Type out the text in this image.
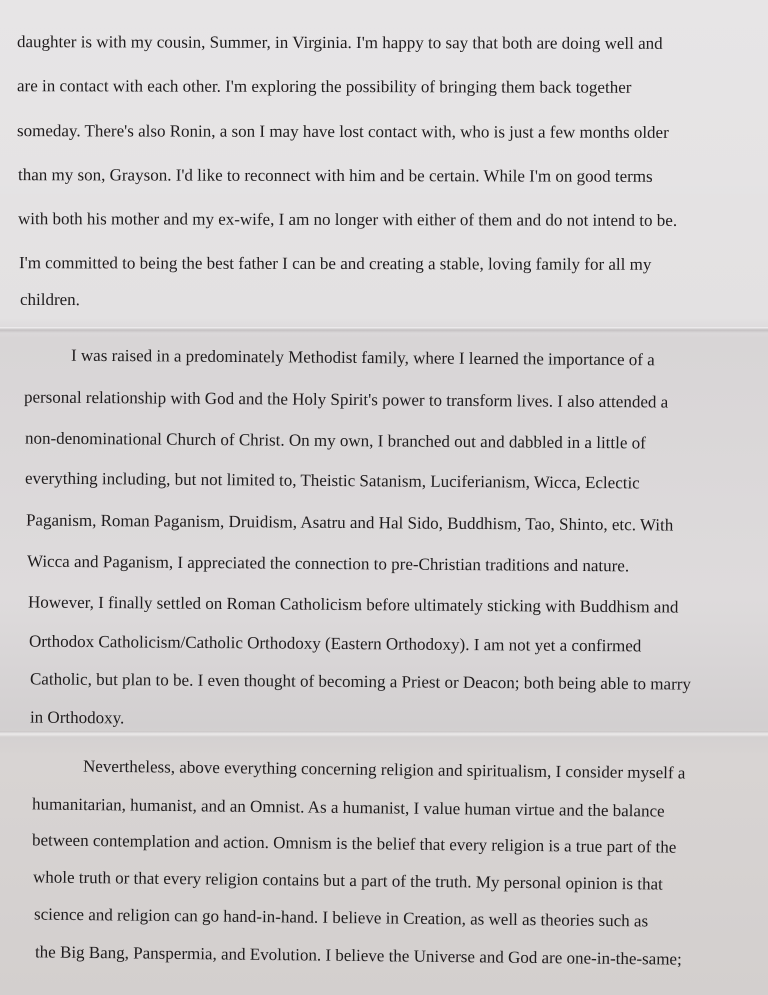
daughter is with my cousin, Summer, in Virginia. I'm happy to say that both are doing well and
are in contact with each other. I'm exploring the possibility of bringing them back together
someday. There's also Ronin, a son I may have lost contact with, who is just a few months older
than my son, Grayson. I'd like to reconnect with him and be certain. While I'm on good terms
with both his mother and my ex-wife, I am no longer with either of them and do not intend to be.
I'm committed to being the best father I can be and creating a stable, loving family for all my
children.
I was raised in a predominately Methodist family, where I learned the importance of a
personal relationship with God and the Holy Spirit's power to transform lives. I also attended a
non-denominational Church of Christ. On my own, I branched out and dabbled in a little of
everything including, but not limited to, Theistic Satanism, Luciferianism, Wicca, Eclectic
Paganism, Roman Paganism, Druidism, Asatru and Hal Sido, Buddhism, Tao, Shinto, etc. With
Wicca and Paganism, I appreciated the connection to pre-Christian traditions and nature.
However, I finally settled on Roman Catholicism before ultimately sticking with Buddhism and
Orthodox Catholicism/Catholic Orthodoxy (Eastern Orthodoxy). I am not yet a confirmed
Catholic, but plan to be. I even thought of becoming a Priest or Deacon; both being able to marry
in Orthodoxy.
Nevertheless, above everything concerning religion and spiritualism, I consider myself a
humanitarian, humanist, and an Omnist. As a humanist, I value human virtue and the balance
between contemplation and action. Omnism is the belief that every religion is a true part of the
whole truth or that every religion contains but a part of the truth. My personal opinion is that
science and religion can go hand-in-hand. I believe in Creation, as well as theories such as
the Big Bang, Panspermia, and Evolution. I believe the Universe and God are one-in-the-same;
